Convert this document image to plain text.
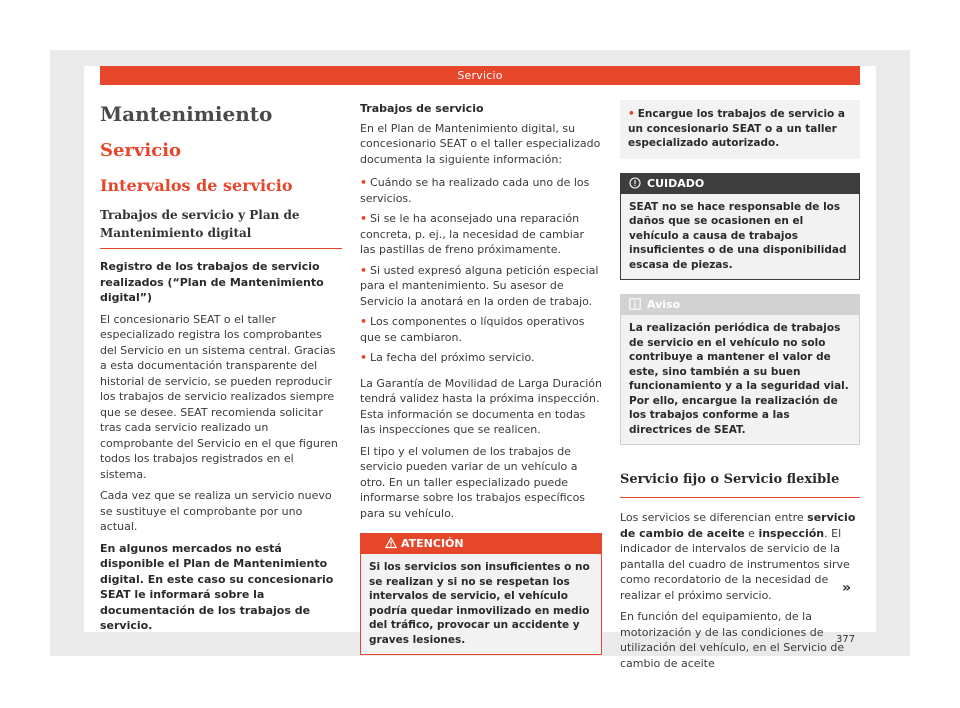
Servicio
Mantenimiento
Servicio
Intervalos de servicio
Trabajos de servicio y Plan de Mantenimiento digital
Registro de los trabajos de servicio realizados (“Plan de Mantenimiento digital”)
El concesionario SEAT o el taller especializado registra los comprobantes del Servicio en un sistema central. Gracias a esta documentación transparente del historial de servicio, se pueden reproducir los trabajos de servicio realizados siempre que se desee. SEAT recomienda solicitar tras cada servicio realizado un comprobante del Servicio en el que figuren todos los trabajos registrados en el sistema.
Cada vez que se realiza un servicio nuevo se sustituye el comprobante por uno actual.
En algunos mercados no está disponible el Plan de Mantenimiento digital. En este caso su concesionario SEAT le informará sobre la documentación de los trabajos de servicio.
Trabajos de servicio
En el Plan de Mantenimiento digital, su concesionario SEAT o el taller especializado documenta la siguiente información:
• Cuándo se ha realizado cada uno de los servicios.
• Si se le ha aconsejado una reparación concreta, p. ej., la necesidad de cambiar las pastillas de freno próximamente.
• Si usted expresó alguna petición especial para el mantenimiento. Su asesor de Servicio la anotará en la orden de trabajo.
• Los componentes o líquidos operativos que se cambiaron.
• La fecha del próximo servicio.
La Garantía de Movilidad de Larga Duración tendrá validez hasta la próxima inspección. Esta información se documenta en todas las inspecciones que se realicen.
El tipo y el volumen de los trabajos de servicio pueden variar de un vehículo a otro. En un taller especializado puede informarse sobre los trabajos específicos para su vehículo.
ATENCIÓN
Si los servicios son insuficientes o no se realizan y si no se respetan los intervalos de servicio, el vehículo podría quedar inmovilizado en medio del tráfico, provocar un accidente y graves lesiones.
• Encargue los trabajos de servicio a un concesionario SEAT o a un taller especializado autorizado.
CUIDADO
SEAT no se hace responsable de los daños que se ocasionen en el vehículo a causa de trabajos insuficientes o de una disponibilidad escasa de piezas.
Aviso
La realización periódica de trabajos de servicio en el vehículo no solo contribuye a mantener el valor de este, sino también a su buen funcionamiento y a la seguridad vial. Por ello, encargue la realización de los trabajos conforme a las directrices de SEAT.
Servicio fijo o Servicio flexible
Los servicios se diferencian entre servicio de cambio de aceite e inspección. El indicador de intervalos de servicio de la pantalla del cuadro de instrumentos sirve como recordatorio de la necesidad de realizar el próximo servicio.
En función del equipamiento, de la motorización y de las condiciones de utilización del vehículo, en el Servicio de cambio de aceite
»
377
